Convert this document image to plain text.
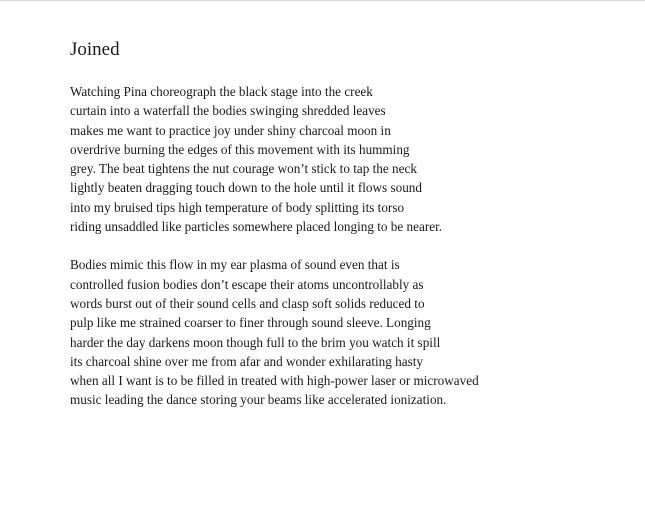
Joined
Watching Pina choreograph the black stage into the creek
curtain into a waterfall the bodies swinging shredded leaves
makes me want to practice joy under shiny charcoal moon in
overdrive burning the edges of this movement with its humming
grey. The beat tightens the nut courage won’t stick to tap the neck
lightly beaten dragging touch down to the hole until it flows sound
into my bruised tips high temperature of body splitting its torso
riding unsaddled like particles somewhere placed longing to be nearer.
Bodies mimic this flow in my ear plasma of sound even that is
controlled fusion bodies don’t escape their atoms uncontrollably as
words burst out of their sound cells and clasp soft solids reduced to
pulp like me strained coarser to finer through sound sleeve. Longing
harder the day darkens moon though full to the brim you watch it spill
its charcoal shine over me from afar and wonder exhilarating hasty
when all I want is to be filled in treated with high-power laser or microwaved
music leading the dance storing your beams like accelerated ionization.
